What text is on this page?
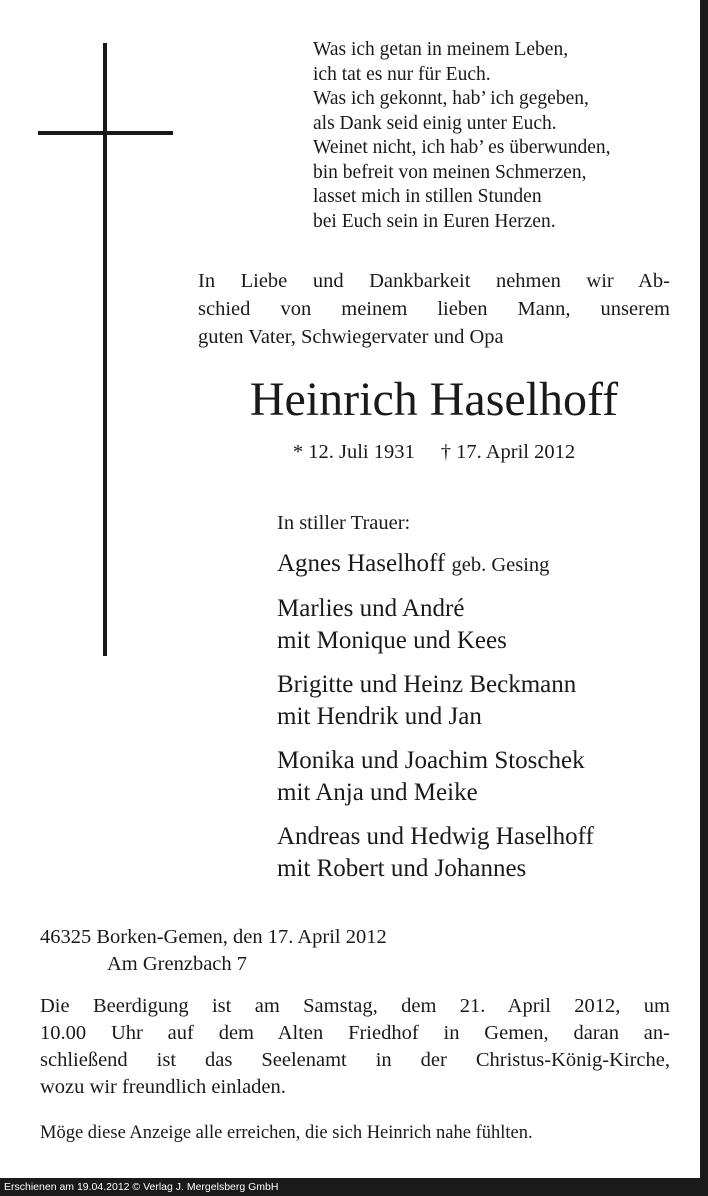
Was ich getan in meinem Leben,
ich tat es nur für Euch.
Was ich gekonnt, hab’ ich gegeben,
als Dank seid einig unter Euch.
Weinet nicht, ich hab’ es überwunden,
bin befreit von meinen Schmerzen,
lasset mich in stillen Stunden
bei Euch sein in Euren Herzen.
In Liebe und Dankbarkeit nehmen wir Ab-
schied von meinem lieben Mann, unserem
guten Vater, Schwiegervater und Opa
Heinrich Haselhoff
* 12. Juli 1931 † 17. April 2012
In stiller Trauer:
Agnes Haselhoff geb. Gesing
Marlies und André
mit Monique und Kees
Brigitte und Heinz Beckmann
mit Hendrik und Jan
Monika und Joachim Stoschek
mit Anja und Meike
Andreas und Hedwig Haselhoff
mit Robert und Johannes
46325 Borken-Gemen, den 17. April 2012
Am Grenzbach 7
Die Beerdigung ist am Samstag, dem 21. April 2012, um
10.00 Uhr auf dem Alten Friedhof in Gemen, daran an-
schließend ist das Seelenamt in der Christus-König-Kirche,
wozu wir freundlich einladen.
Möge diese Anzeige alle erreichen, die sich Heinrich nahe fühlten.
Erschienen am 19.04.2012 © Verlag J. Mergelsberg GmbH
